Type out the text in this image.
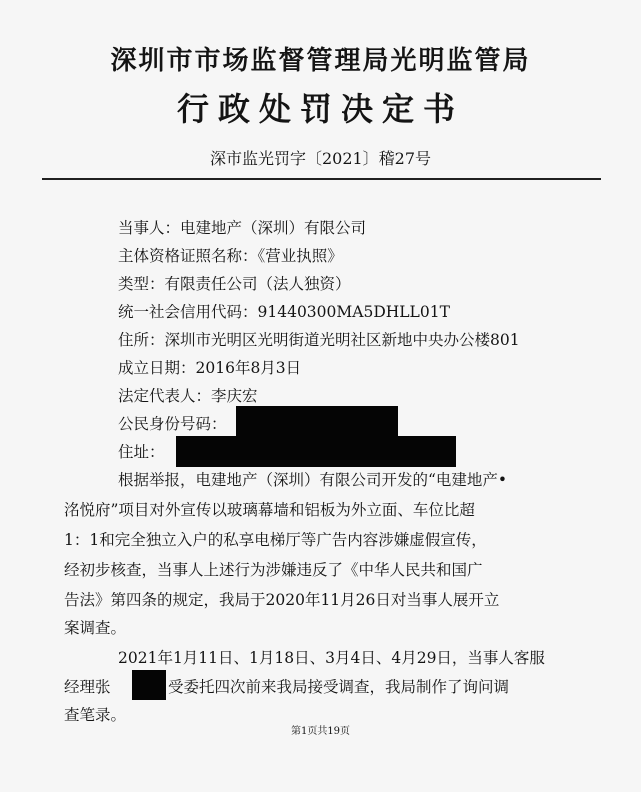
深圳市市场监督管理局光明监管局
行政处罚决定书
深市监光罚字〔2021〕稽27号
当事人：电建地产（深圳）有限公司
主体资格证照名称：《营业执照》
类型：有限责任公司（法人独资）
统一社会信用代码：91440300MA5DHLL01T
住所：深圳市光明区光明街道光明社区新地中央办公楼801
成立日期：2016年8月3日
法定代表人：李庆宏
公民身份号码：
住址：
根据举报，电建地产（深圳）有限公司开发的“电建地产•
洺悦府”项目对外宣传以玻璃幕墙和铝板为外立面、车位比超
1：1和完全独立入户的私享电梯厅等广告内容涉嫌虚假宣传，
经初步核查，当事人上述行为涉嫌违反了《中华人民共和国广
告法》第四条的规定，我局于2020年11月26日对当事人展开立
案调查。
2021年1月11日、1月18日、3月4日、4月29日，当事人客服
经理张	受委托四次前来我局接受调查，我局制作了询问调
查笔录。
第1页共19页
